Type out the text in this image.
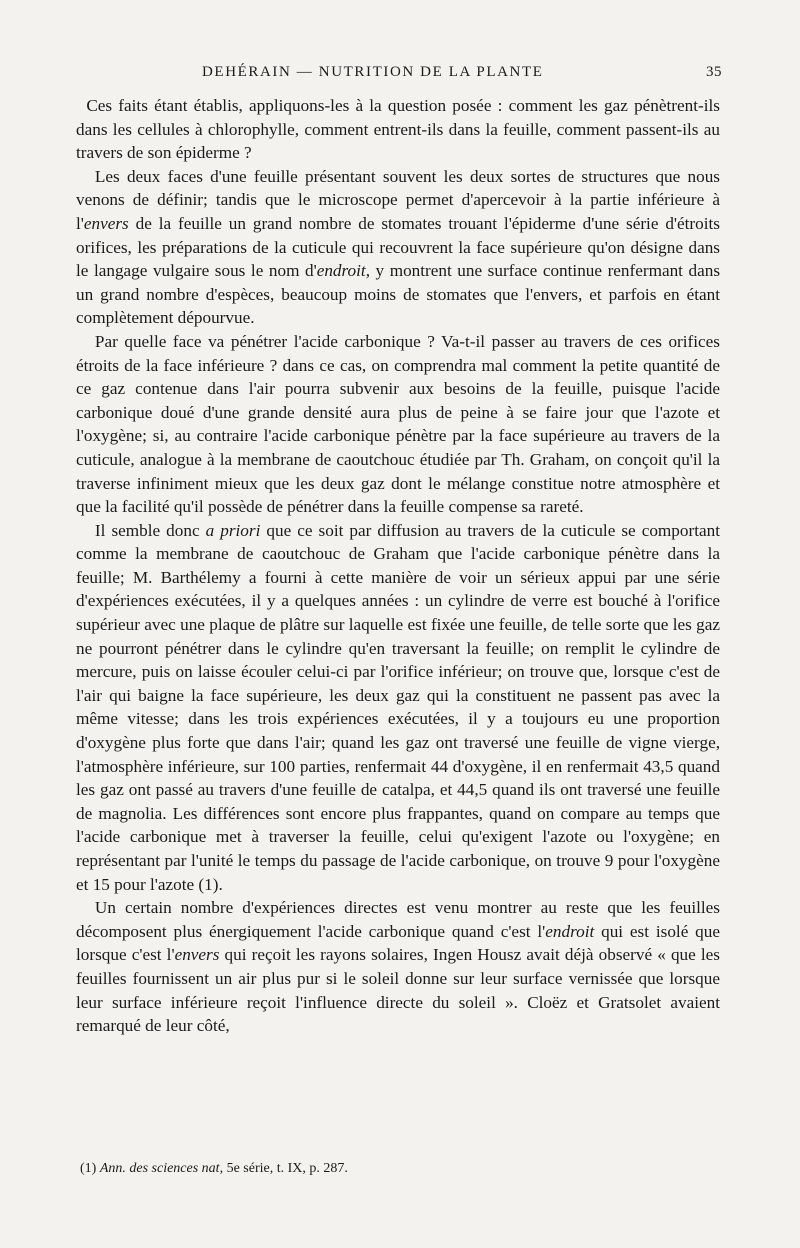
DEHÉRAIN — NUTRITION DE LA PLANTE	35

Ces faits étant établis, appliquons-les à la question posée : comment les gaz pénètrent-ils dans les cellules à chlorophylle, comment entrent-ils dans la feuille, comment passent-ils au travers de son épiderme ?

Les deux faces d'une feuille présentant souvent les deux sortes de structures que nous venons de définir; tandis que le microscope permet d'apercevoir à la partie inférieure à l'envers de la feuille un grand nombre de stomates trouant l'épiderme d'une série d'étroits orifices, les préparations de la cuticule qui recouvrent la face supérieure qu'on désigne dans le langage vulgaire sous le nom d'endroit, y montrent une surface continue renfermant dans un grand nombre d'espèces, beaucoup moins de stomates que l'envers, et parfois en étant complètement dépourvue.

Par quelle face va pénétrer l'acide carbonique ? Va-t-il passer au travers de ces orifices étroits de la face inférieure ? dans ce cas, on comprendra mal comment la petite quantité de ce gaz contenue dans l'air pourra subvenir aux besoins de la feuille, puisque l'acide carbonique doué d'une grande densité aura plus de peine à se faire jour que l'azote et l'oxygène; si, au contraire l'acide carbonique pénètre par la face supérieure au travers de la cuticule, analogue à la membrane de caoutchouc étudiée par Th. Graham, on conçoit qu'il la traverse infiniment mieux que les deux gaz dont le mélange constitue notre atmosphère et que la facilité qu'il possède de pénétrer dans la feuille compense sa rareté.

Il semble donc a priori que ce soit par diffusion au travers de la cuticule se comportant comme la membrane de caoutchouc de Graham que l'acide carbonique pénètre dans la feuille; M. Barthélemy a fourni à cette manière de voir un sérieux appui par une série d'expériences exécutées, il y a quelques années : un cylindre de verre est bouché à l'orifice supérieur avec une plaque de plâtre sur laquelle est fixée une feuille, de telle sorte que les gaz ne pourront pénétrer dans le cylindre qu'en traversant la feuille; on remplit le cylindre de mercure, puis on laisse écouler celui-ci par l'orifice inférieur; on trouve que, lorsque c'est de l'air qui baigne la face supérieure, les deux gaz qui la constituent ne passent pas avec la même vitesse; dans les trois expériences exécutées, il y a toujours eu une proportion d'oxygène plus forte que dans l'air; quand les gaz ont traversé une feuille de vigne vierge, l'atmosphère inférieure, sur 100 parties, renfermait 44 d'oxygène, il en renfermait 43,5 quand les gaz ont passé au travers d'une feuille de catalpa, et 44,5 quand ils ont traversé une feuille de magnolia. Les différences sont encore plus frappantes, quand on compare au temps que l'acide carbonique met à traverser la feuille, celui qu'exigent l'azote ou l'oxygène; en représentant par l'unité le temps du passage de l'acide carbonique, on trouve 9 pour l'oxygène et 15 pour l'azote (1).

Un certain nombre d'expériences directes est venu montrer au reste que les feuilles décomposent plus énergiquement l'acide carbonique quand c'est l'endroit qui est isolé que lorsque c'est l'envers qui reçoit les rayons solaires, Ingen Housz avait déjà observé « que les feuilles fournissent un air plus pur si le soleil donne sur leur surface vernissée que lorsque leur surface inférieure reçoit l'influence directe du soleil ». Cloëz et Gratsolet avaient remarqué de leur côté,

(1) Ann. des sciences nat, 5e série, t. IX, p. 287.
